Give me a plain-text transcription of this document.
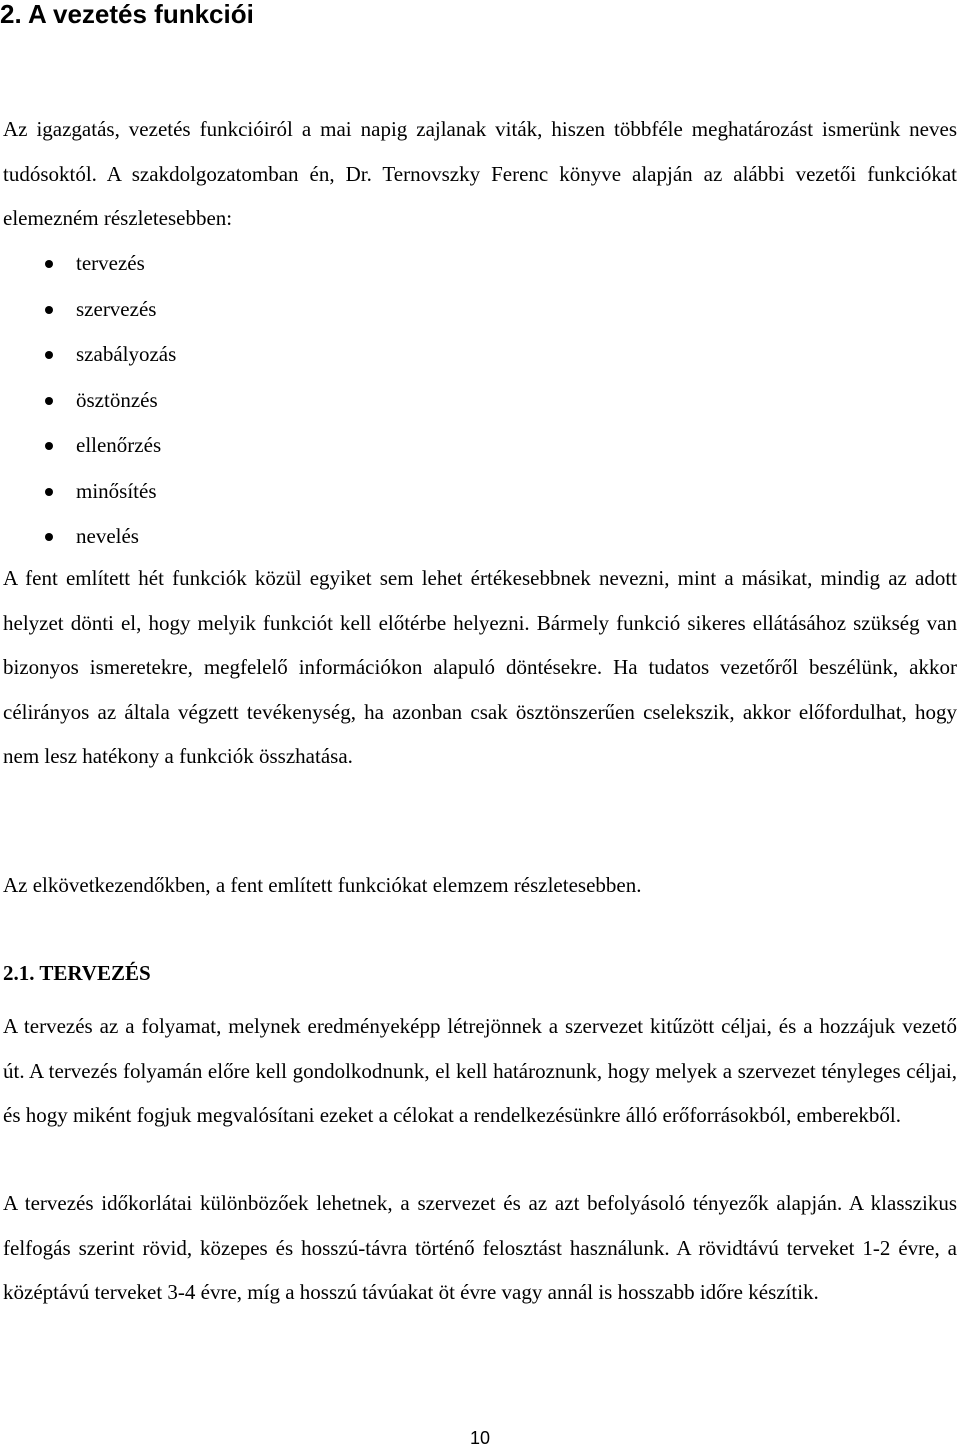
2. A vezetés funkciói

Az igazgatás, vezetés funkcióiról a mai napig zajlanak viták, hiszen többféle meghatározást ismerünk neves tudósoktól. A szakdolgozatomban én, Dr. Ternovszky Ferenc könyve alapján az alábbi vezetői funkciókat elemezném részletesebben:

tervezés
szervezés
szabályozás
ösztönzés
ellenőrzés
minősítés
nevelés

A fent említett hét funkciók közül egyiket sem lehet értékesebbnek nevezni, mint a másikat, mindig az adott helyzet dönti el, hogy melyik funkciót kell előtérbe helyezni. Bármely funkció sikeres ellátásához szükség van bizonyos ismeretekre, megfelelő információkon alapuló döntésekre. Ha tudatos vezetőről beszélünk, akkor célirányos az általa végzett tevékenység, ha azonban csak ösztönszerűen cselekszik, akkor előfordulhat, hogy nem lesz hatékony a funkciók összhatása.

Az elkövetkezendőkben, a fent említett funkciókat elemzem részletesebben.

2.1. TERVEZÉS

A tervezés az a folyamat, melynek eredményeképp létrejönnek a szervezet kitűzött céljai, és a hozzájuk vezető út. A tervezés folyamán előre kell gondolkodnunk, el kell határoznunk, hogy melyek a szervezet tényleges céljai, és hogy miként fogjuk megvalósítani ezeket a célokat a rendelkezésünkre álló erőforrásokból, emberekből.

A tervezés időkorlátai különbözőek lehetnek, a szervezet és az azt befolyásoló tényezők alapján. A klasszikus felfogás szerint rövid, közepes és hosszú-távra történő felosztást használunk. A rövidtávú terveket 1-2 évre, a középtávú terveket 3-4 évre, míg a hosszú távúakat öt évre vagy annál is hosszabb időre készítik.

10
